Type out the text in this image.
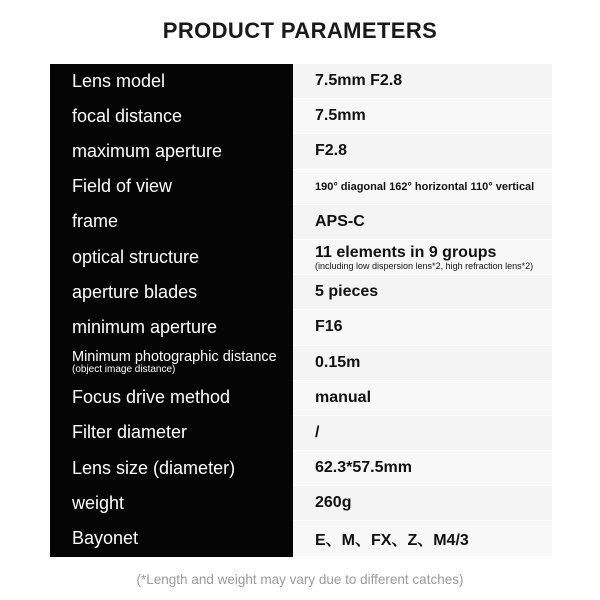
PRODUCT PARAMETERS
Lens model	7.5mm F2.8
focal distance	7.5mm
maximum aperture	F2.8
Field of view	190° diagonal 162° horizontal 110° vertical
frame	APS-C
optical structure	11 elements in 9 groups
(including low dispersion lens*2, high refraction lens*2)
aperture blades	5 pieces
minimum aperture	F16
Minimum photographic distance
(object image distance)	0.15m
Focus drive method	manual
Filter diameter	/
Lens size (diameter)	62.3*57.5mm
weight	260g
Bayonet	E、M、FX、Z、M4/3
(*Length and weight may vary due to different catches)
